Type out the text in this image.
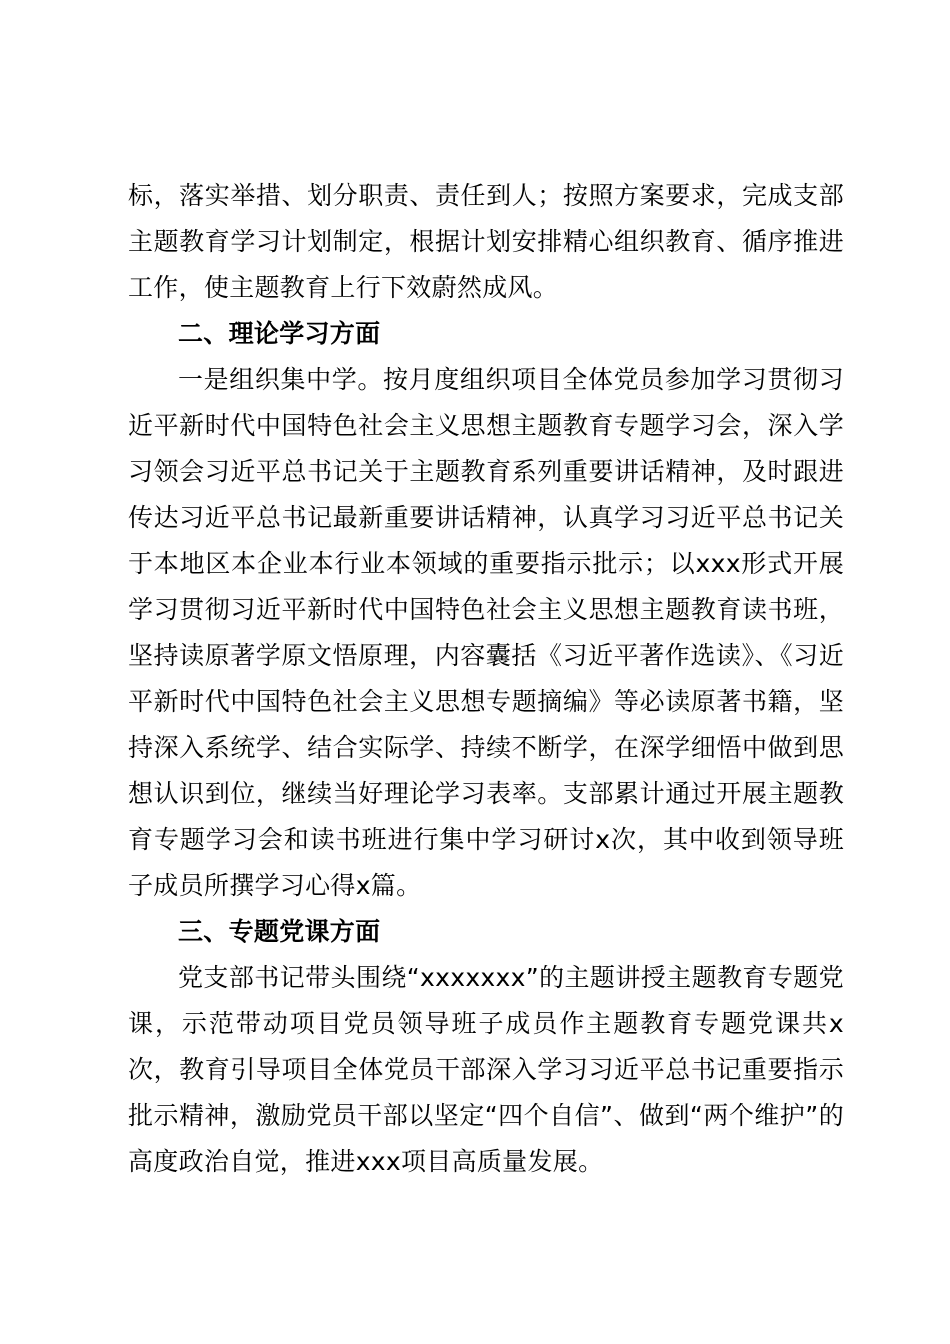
标，落实举措、划分职责、责任到人；按照方案要求，完成支部主题教育学习计划制定，根据计划安排精心组织教育、循序推进工作，使主题教育上行下效蔚然成风。

二、理论学习方面

一是组织集中学。按月度组织项目全体党员参加学习贯彻习近平新时代中国特色社会主义思想主题教育专题学习会，深入学习领会习近平总书记关于主题教育系列重要讲话精神，及时跟进传达习近平总书记最新重要讲话精神，认真学习习近平总书记关于本地区本企业本行业本领域的重要指示批示；以xxx形式开展学习贯彻习近平新时代中国特色社会主义思想主题教育读书班，坚持读原著学原文悟原理，内容囊括《习近平著作选读》、《习近平新时代中国特色社会主义思想专题摘编》等必读原著书籍，坚持深入系统学、结合实际学、持续不断学，在深学细悟中做到思想认识到位，继续当好理论学习表率。支部累计通过开展主题教育专题学习会和读书班进行集中学习研讨x次，其中收到领导班子成员所撰学习心得x篇。

三、专题党课方面

党支部书记带头围绕“xxxxxxx”的主题讲授主题教育专题党课，示范带动项目党员领导班子成员作主题教育专题党课共x次，教育引导项目全体党员干部深入学习习近平总书记重要指示批示精神，激励党员干部以坚定“四个自信”、做到“两个维护”的高度政治自觉，推进xxx项目高质量发展。
